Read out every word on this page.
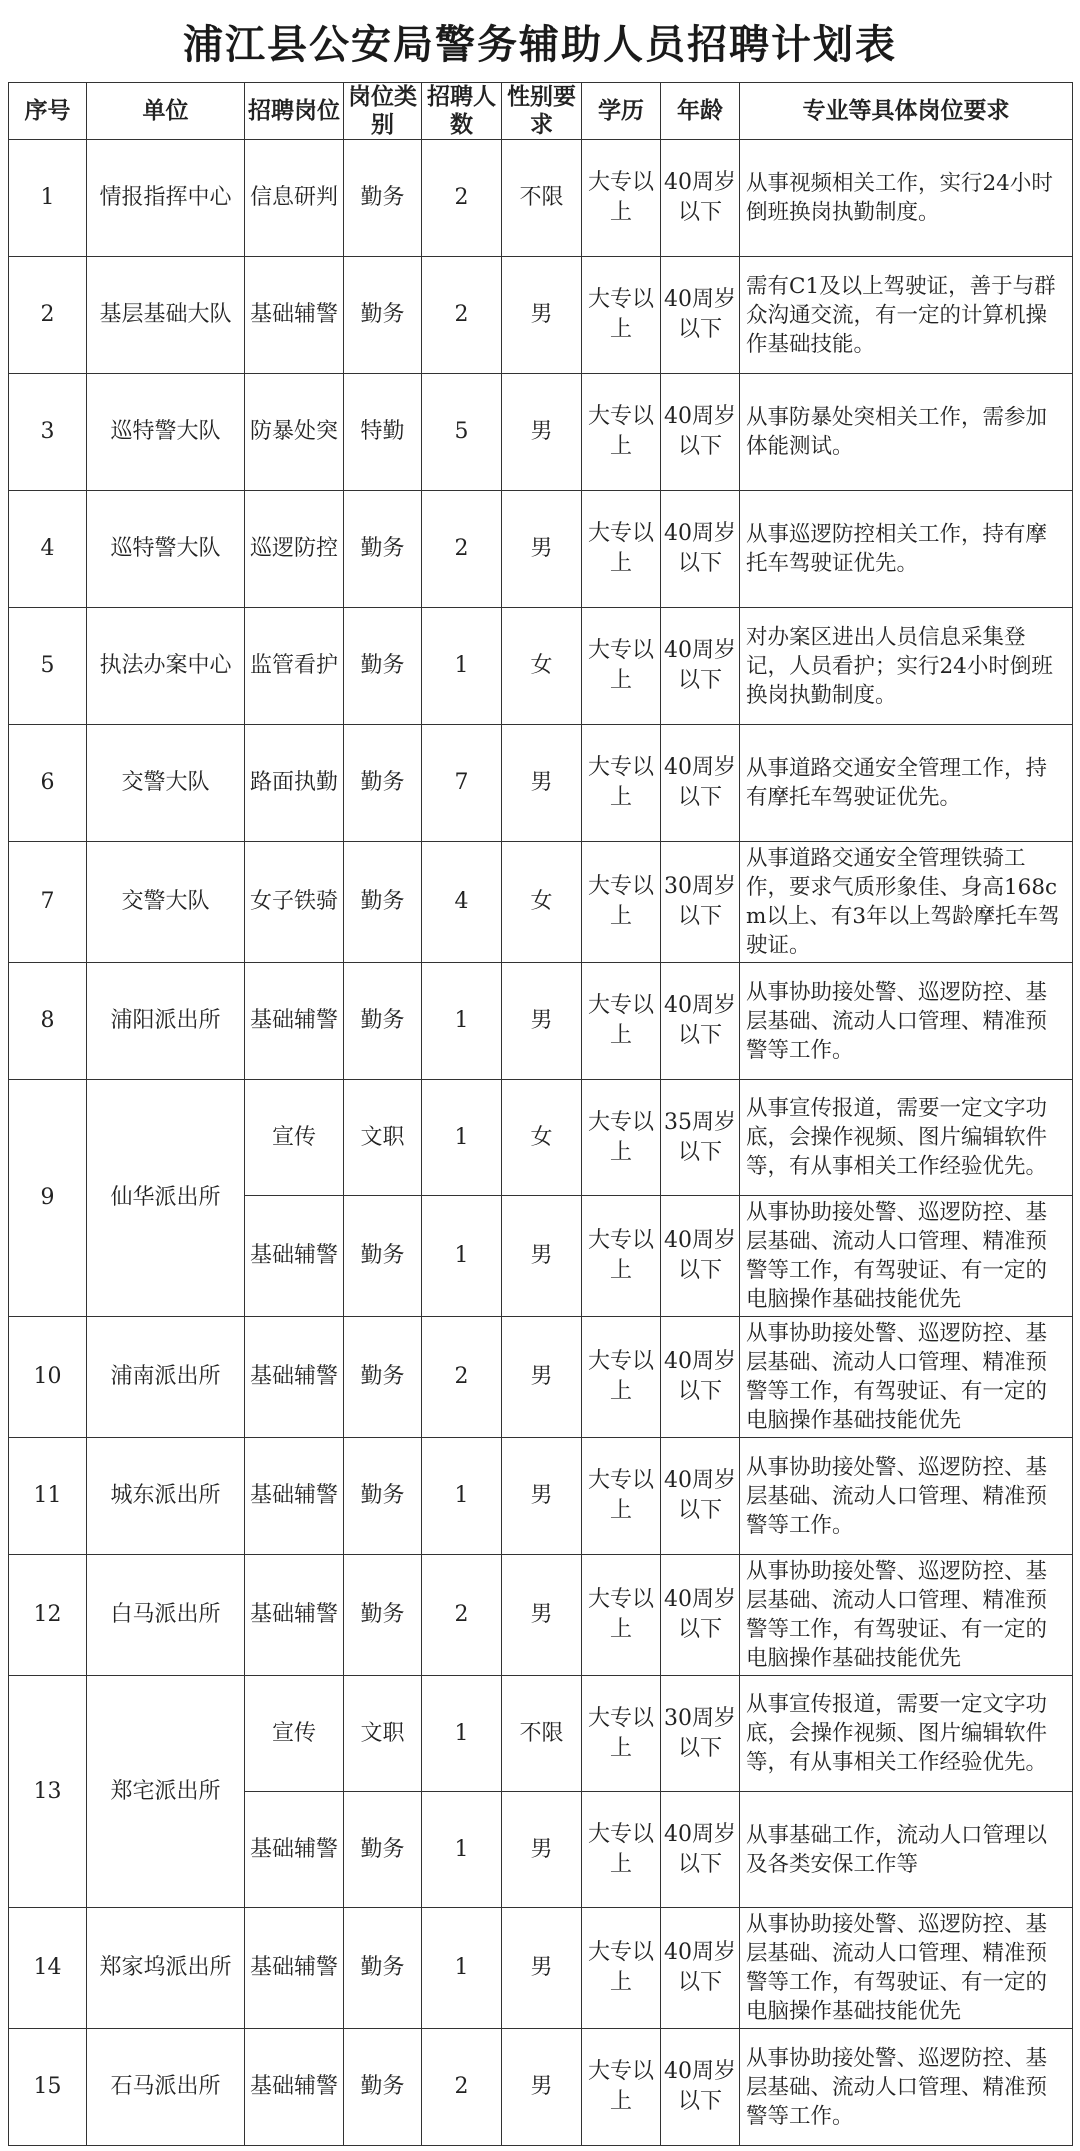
浦江县公安局警务辅助人员招聘计划表
序号	单位	招聘岗位	岗位类别	招聘人数	性别要求	学历	年龄	专业等具体岗位要求
1	情报指挥中心	信息研判	勤务	2	不限	大专以上	40周岁以下	从事视频相关工作，实行24小时倒班换岗执勤制度。
2	基层基础大队	基础辅警	勤务	2	男	大专以上	40周岁以下	需有C1及以上驾驶证，善于与群众沟通交流，有一定的计算机操作基础技能。
3	巡特警大队	防暴处突	特勤	5	男	大专以上	40周岁以下	从事防暴处突相关工作，需参加体能测试。
4	巡特警大队	巡逻防控	勤务	2	男	大专以上	40周岁以下	从事巡逻防控相关工作，持有摩托车驾驶证优先。
5	执法办案中心	监管看护	勤务	1	女	大专以上	40周岁以下	对办案区进出人员信息采集登记，人员看护；实行24小时倒班换岗执勤制度。
6	交警大队	路面执勤	勤务	7	男	大专以上	40周岁以下	从事道路交通安全管理工作，持有摩托车驾驶证优先。
7	交警大队	女子铁骑	勤务	4	女	大专以上	30周岁以下	从事道路交通安全管理铁骑工作，要求气质形象佳、身高168cm以上、有3年以上驾龄摩托车驾驶证。
8	浦阳派出所	基础辅警	勤务	1	男	大专以上	40周岁以下	从事协助接处警、巡逻防控、基层基础、流动人口管理、精准预警等工作。
9	仙华派出所	宣传	文职	1	女	大专以上	35周岁以下	从事宣传报道，需要一定文字功底，会操作视频、图片编辑软件等，有从事相关工作经验优先。
		基础辅警	勤务	1	男	大专以上	40周岁以下	从事协助接处警、巡逻防控、基层基础、流动人口管理、精准预警等工作，有驾驶证、有一定的电脑操作基础技能优先
10	浦南派出所	基础辅警	勤务	2	男	大专以上	40周岁以下	从事协助接处警、巡逻防控、基层基础、流动人口管理、精准预警等工作，有驾驶证、有一定的电脑操作基础技能优先
11	城东派出所	基础辅警	勤务	1	男	大专以上	40周岁以下	从事协助接处警、巡逻防控、基层基础、流动人口管理、精准预警等工作。
12	白马派出所	基础辅警	勤务	2	男	大专以上	40周岁以下	从事协助接处警、巡逻防控、基层基础、流动人口管理、精准预警等工作，有驾驶证、有一定的电脑操作基础技能优先
13	郑宅派出所	宣传	文职	1	不限	大专以上	30周岁以下	从事宣传报道，需要一定文字功底，会操作视频、图片编辑软件等，有从事相关工作经验优先。
		基础辅警	勤务	1	男	大专以上	40周岁以下	从事基础工作，流动人口管理以及各类安保工作等
14	郑家坞派出所	基础辅警	勤务	1	男	大专以上	40周岁以下	从事协助接处警、巡逻防控、基层基础、流动人口管理、精准预警等工作，有驾驶证、有一定的电脑操作基础技能优先
15	石马派出所	基础辅警	勤务	2	男	大专以上	40周岁以下	从事协助接处警、巡逻防控、基层基础、流动人口管理、精准预警等工作。
